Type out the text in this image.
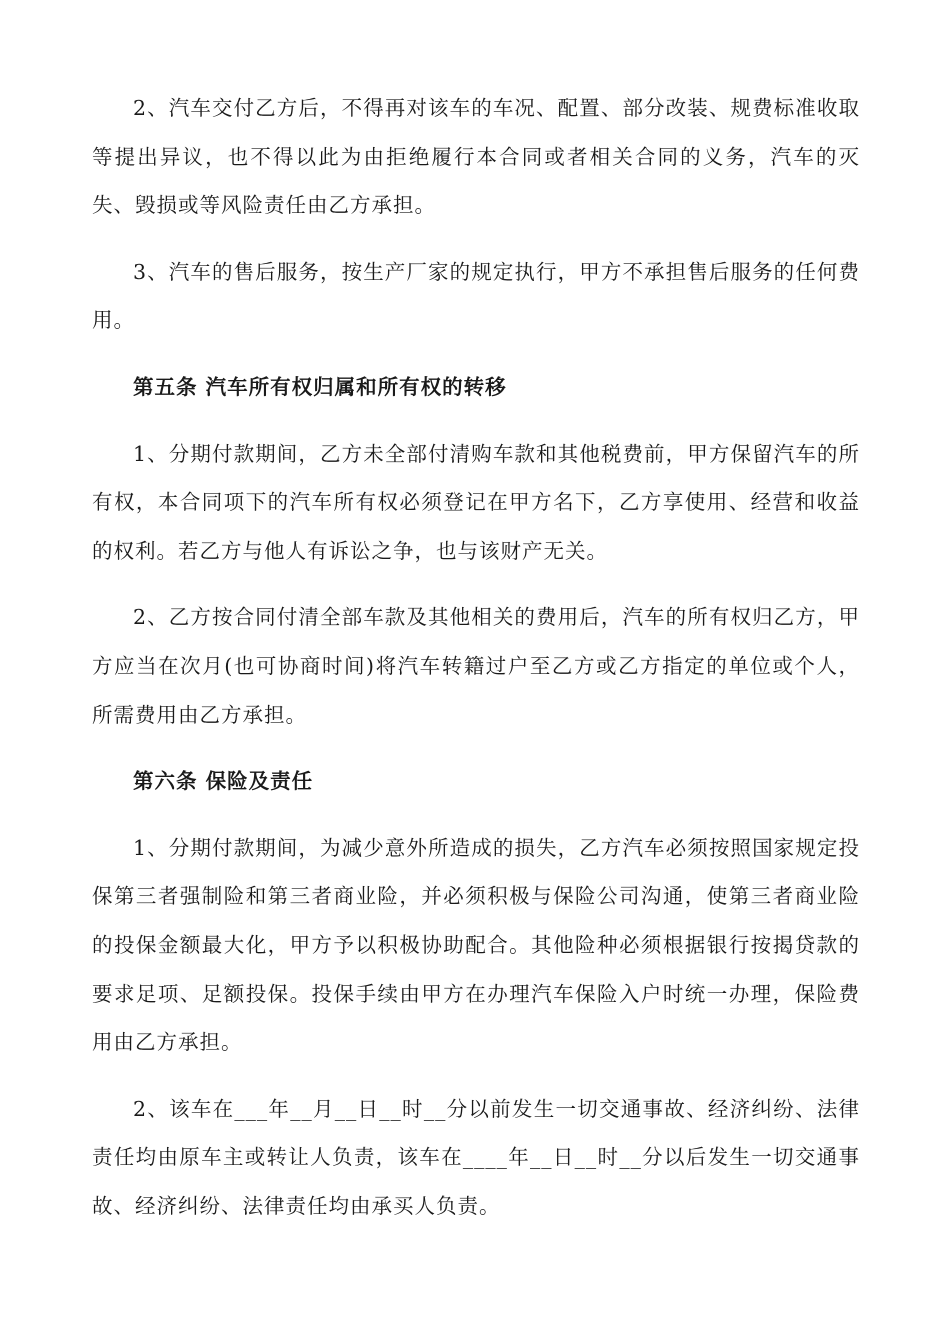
2、汽车交付乙方后，不得再对该车的车况、配置、部分改装、规费标准收取等提出异议，也不得以此为由拒绝履行本合同或者相关合同的义务，汽车的灭失、毁损或等风险责任由乙方承担。

3、汽车的售后服务，按生产厂家的规定执行，甲方不承担售后服务的任何费用。

第五条 汽车所有权归属和所有权的转移

1、分期付款期间，乙方未全部付清购车款和其他税费前，甲方保留汽车的所有权，本合同项下的汽车所有权必须登记在甲方名下，乙方享使用、经营和收益的权利。若乙方与他人有诉讼之争，也与该财产无关。

2、乙方按合同付清全部车款及其他相关的费用后，汽车的所有权归乙方，甲方应当在次月(也可协商时间)将汽车转籍过户至乙方或乙方指定的单位或个人，所需费用由乙方承担。

第六条 保险及责任

1、分期付款期间，为减少意外所造成的损失，乙方汽车必须按照国家规定投保第三者强制险和第三者商业险，并必须积极与保险公司沟通，使第三者商业险的投保金额最大化，甲方予以积极协助配合。其他险种必须根据银行按揭贷款的要求足项、足额投保。投保手续由甲方在办理汽车保险入户时统一办理，保险费用由乙方承担。

2、该车在___年__月__日__时__分以前发生一切交通事故、经济纠纷、法律责任均由原车主或转让人负责，该车在____年__日__时__分以后发生一切交通事故、经济纠纷、法律责任均由承买人负责。
